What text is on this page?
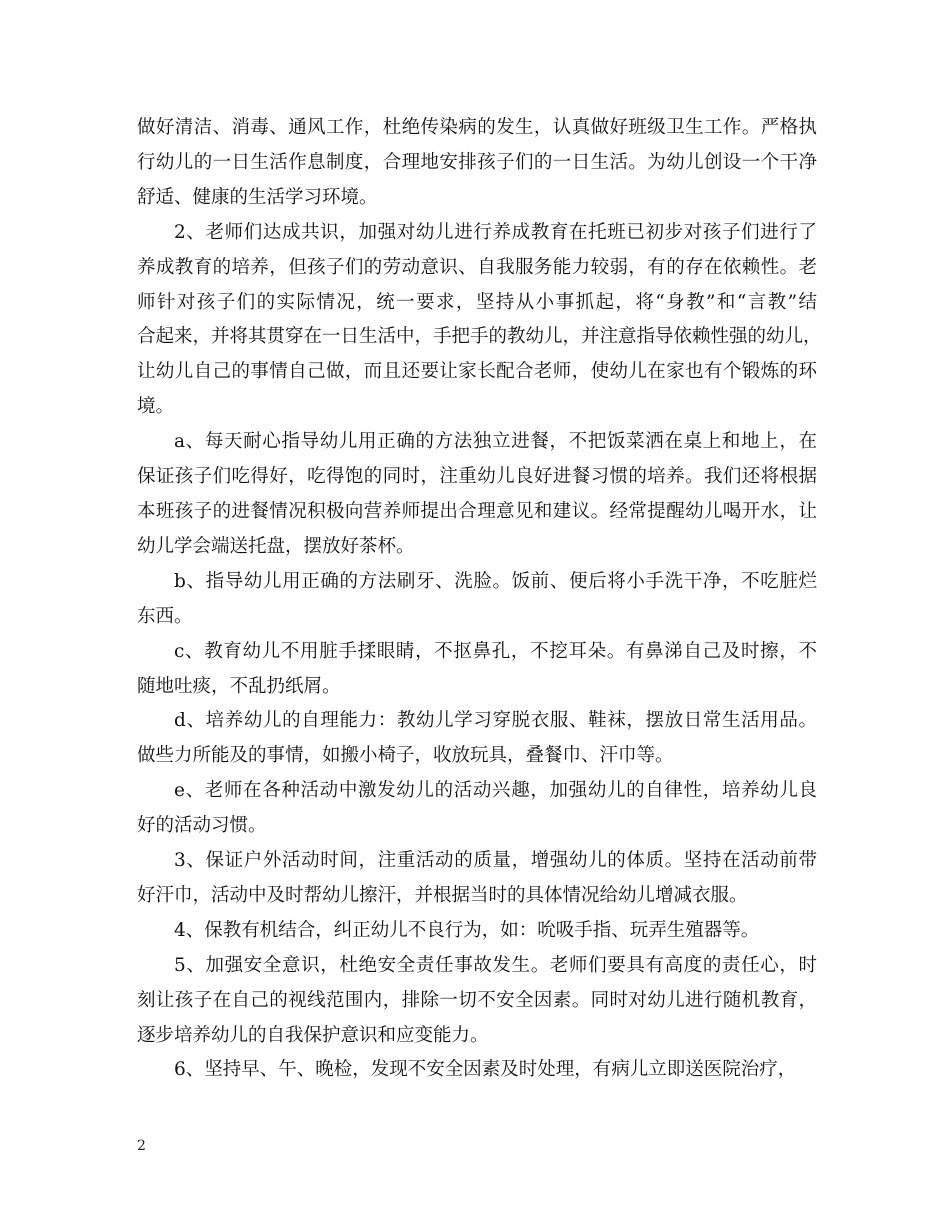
做好清洁、消毒、通风工作，杜绝传染病的发生，认真做好班级卫生工作。严格执
行幼儿的一日生活作息制度，合理地安排孩子们的一日生活。为幼儿创设一个干净
舒适、健康的生活学习环境。

2、老师们达成共识，加强对幼儿进行养成教育在托班已初步对孩子们进行了
养成教育的培养，但孩子们的劳动意识、自我服务能力较弱，有的存在依赖性。老
师针对孩子们的实际情况，统一要求，坚持从小事抓起，将“身教”和“言教”结
合起来，并将其贯穿在一日生活中，手把手的教幼儿，并注意指导依赖性强的幼儿，
让幼儿自己的事情自己做，而且还要让家长配合老师，使幼儿在家也有个锻炼的环
境。

a、每天耐心指导幼儿用正确的方法独立进餐，不把饭菜洒在桌上和地上，在
保证孩子们吃得好，吃得饱的同时，注重幼儿良好进餐习惯的培养。我们还将根据
本班孩子的进餐情况积极向营养师提出合理意见和建议。经常提醒幼儿喝开水，让
幼儿学会端送托盘，摆放好茶杯。

b、指导幼儿用正确的方法刷牙、洗脸。饭前、便后将小手洗干净，不吃脏烂
东西。

c、教育幼儿不用脏手揉眼睛，不抠鼻孔，不挖耳朵。有鼻涕自己及时擦，不
随地吐痰，不乱扔纸屑。

d、培养幼儿的自理能力：教幼儿学习穿脱衣服、鞋袜，摆放日常生活用品。
做些力所能及的事情，如搬小椅子，收放玩具，叠餐巾、汗巾等。

e、老师在各种活动中激发幼儿的活动兴趣，加强幼儿的自律性，培养幼儿良
好的活动习惯。

3、保证户外活动时间，注重活动的质量，增强幼儿的体质。坚持在活动前带
好汗巾，活动中及时帮幼儿擦汗，并根据当时的具体情况给幼儿增减衣服。

4、保教有机结合，纠正幼儿不良行为，如：吮吸手指、玩弄生殖器等。

5、加强安全意识，杜绝安全责任事故发生。老师们要具有高度的责任心，时
刻让孩子在自己的视线范围内，排除一切不安全因素。同时对幼儿进行随机教育，
逐步培养幼儿的自我保护意识和应变能力。

6、坚持早、午、晚检，发现不安全因素及时处理，有病儿立即送医院治疗，

2
